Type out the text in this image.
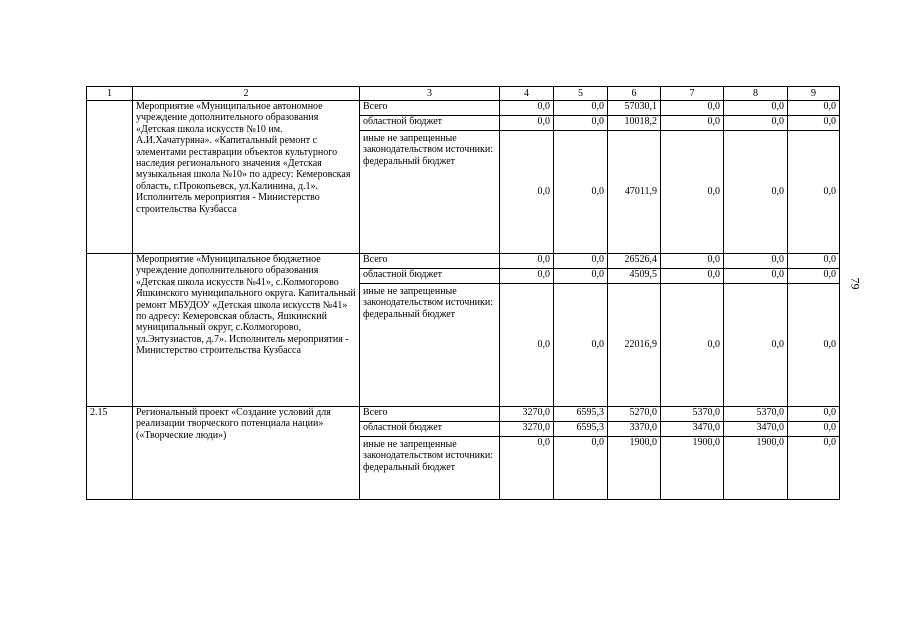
79
1	2	3	4	5	6	7	8	9
	Мероприятие «Муниципальное автономное учреждение дополнительного образования «Детская школа искусств №10 им. А.И.Хачатуряна». «Капитальный ремонт с элементами реставрации объектов культурного наследия регионального значения «Детская музыкальная школа №10» по адресу: Кемеровская область, г.Прокопьевск, ул.Калинина, д.1». Исполнитель мероприятия - Министерство строительства Кузбасса	Всего	0,0	0,0	57030,1	0,0	0,0	0,0
		областной бюджет	0,0	0,0	10018,2	0,0	0,0	0,0
		иные не запрещенные законодательством источники: федеральный бюджет	0,0	0,0	47011,9	0,0	0,0	0,0
	Мероприятие «Муниципальное бюджетное учреждение дополнительного образования «Детская школа искусств №41», с.Колмогорово Яшкинского муниципального округа. Капитальный ремонт МБУДОУ «Детская школа искусств №41» по адресу: Кемеровская область, Яшкинский муниципальный округ, с.Колмогорово, ул.Энтузиастов, д.7». Исполнитель мероприятия - Министерство строительства Кузбасса	Всего	0,0	0,0	26526,4	0,0	0,0	0,0
		областной бюджет	0,0	0,0	4509,5	0,0	0,0	0,0
		иные не запрещенные законодательством источники: федеральный бюджет	0,0	0,0	22016,9	0,0	0,0	0,0
2.15	Региональный проект «Создание условий для реализации творческого потенциала нации» («Творческие люди»)	Всего	3270,0	6595,3	5270,0	5370,0	5370,0	0,0
		областной бюджет	3270,0	6595,3	3370,0	3470,0	3470,0	0,0
		иные не запрещенные законодательством источники: федеральный бюджет	0,0	0,0	1900,0	1900,0	1900,0	0,0
